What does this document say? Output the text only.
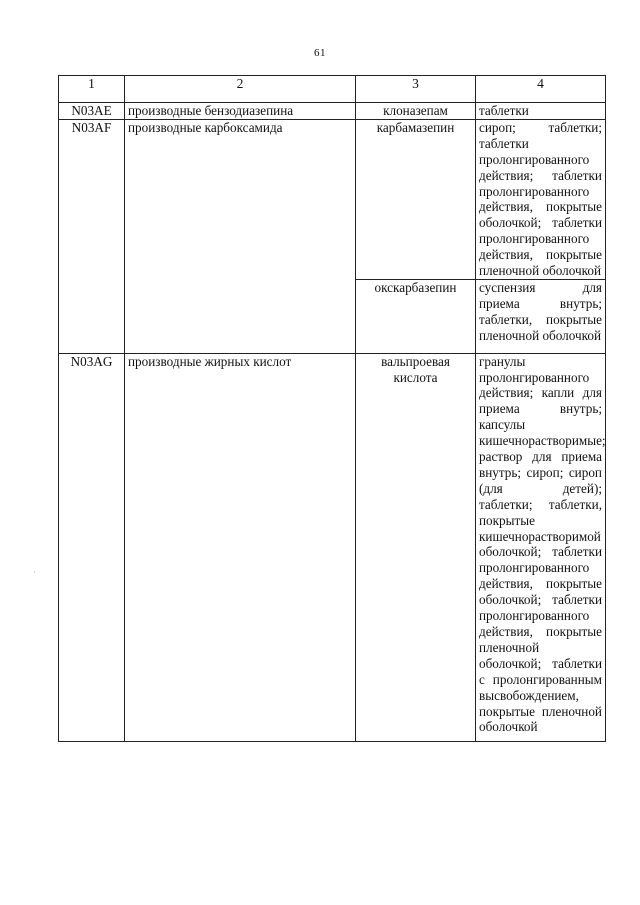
61
·
1	2	3	4
N03AE	производные бензодиазепина	клоназепам	таблетки
N03AF	производные карбоксамида	карбамазепин	сироп; таблетки; таблетки пролонгированного действия; таблетки пролонгированного действия, покрытые оболочкой; таблетки пролонгированного действия, покрытые пленочной оболочкой
		окскарбазепин	суспензия для приема внутрь; таблетки, покрытые пленочной оболочкой
N03AG	производные жирных кислот	вальпроевая кислота	гранулы пролонгированного действия; капли для приема внутрь; капсулы кишечнорастворимые; раствор для приема внутрь; сироп; сироп (для детей); таблетки; таблетки, покрытые кишечнорастворимой оболочкой; таблетки пролонгированного действия, покрытые оболочкой; таблетки пролонгированного действия, покрытые пленочной оболочкой; таблетки с пролонгированным высвобождением, покрытые пленочной оболочкой
